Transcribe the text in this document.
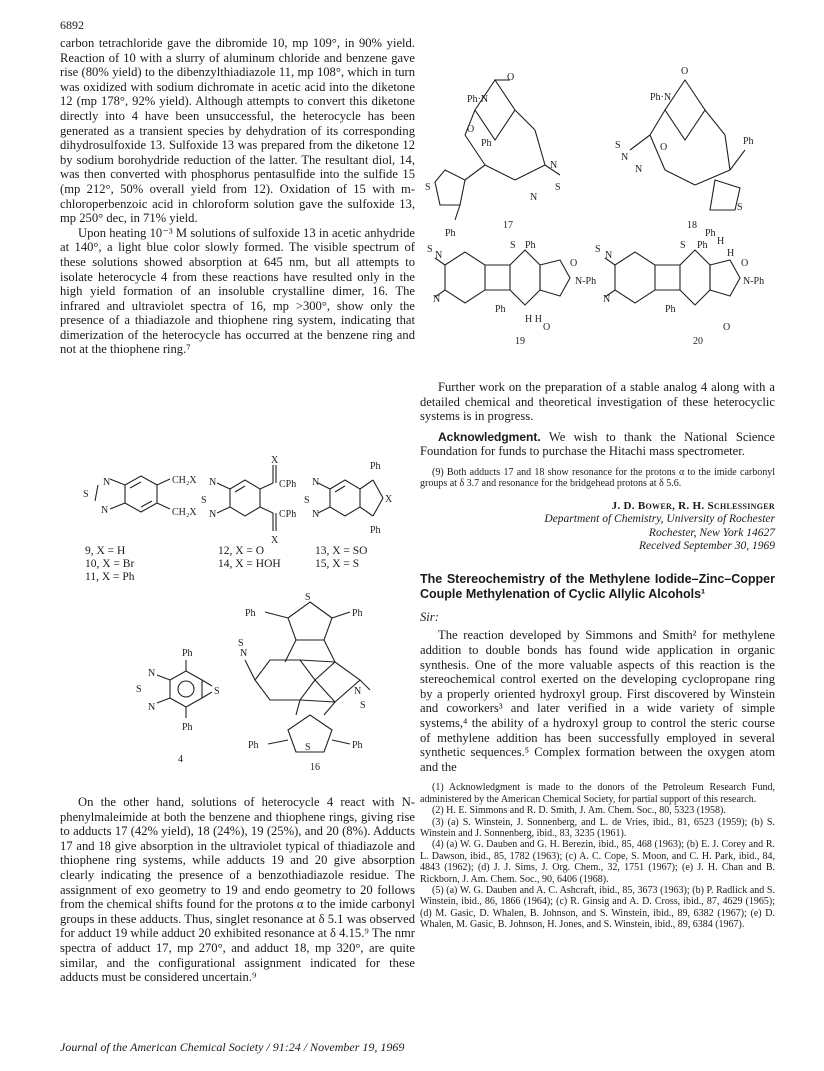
6892

carbon tetrachloride gave the dibromide 10, mp 109°, in 90% yield. Reaction of 10 with a slurry of aluminum chloride and benzene gave rise (80% yield) to the dibenzylthiadiazole 11, mp 108°, which in turn was oxidized with sodium dichromate in acetic acid into the diketone 12 (mp 178°, 92% yield). Although attempts to convert this diketone directly into 4 have been unsuccessful, the heterocycle has been generated as a transient species by dehydration of its corresponding dihydrosulfoxide 13. Sulfoxide 13 was prepared from the diketone 12 by sodium borohydride reduction of the latter. The resultant diol, 14, was then converted with phosphorus pentasulfide into the sulfide 15 (mp 212°, 50% overall yield from 12). Oxidation of 15 with m-chloroperbenzoic acid in chloroform solution gave the sulfoxide 13, mp 250° dec, in 71% yield.

Upon heating 10⁻³ M solutions of sulfoxide 13 in acetic anhydride at 140°, a light blue color slowly formed. The visible spectrum of these solutions showed absorption at 645 nm, but all attempts to isolate heterocycle 4 from these reactions have resulted only in the high yield formation of an insoluble crystalline dimer, 16. The infrared and ultraviolet spectra of 16, mp >300°, show only the presence of a thiadiazole and thiophene ring system, indicating that dimerization of the heterocycle has occurred at the benzene ring and not at the thiophene ring.⁷

N
S
N
CH₂X
CH₂X
N
S
N
X
CPh
CPh
X
N
S
N
Ph
X
Ph
9, X = H
10, X = Br
11, X = Ph
12, X = O
14, X = HOH
13, X = SO
15, X = S
Ph
N
S
N
S
Ph
4
S
Ph	Ph
S
N
N
S
S
Ph	Ph
16

On the other hand, solutions of heterocycle 4 react with N-phenylmaleimide at both the benzene and thiophene rings, giving rise to adducts 17 (42% yield), 18 (24%), 19 (25%), and 20 (8%). Adducts 17 and 18 give absorption in the ultraviolet typical of thiadiazole and thiophene ring systems, while adducts 19 and 20 give absorption clearly indicating the presence of a benzothiadiazole residue. The assignment of exo geometry to 19 and endo geometry to 20 follows from the chemical shifts found for the protons α to the imide carbonyl groups in these adducts. Thus, singlet resonance at δ 5.1 was observed for adduct 19 while adduct 20 exhibited resonance at δ 4.15.⁹ The nmr spectra of adduct 17, mp 270°, and adduct 18, mp 320°, are quite similar, and the configurational assignment indicated for these adducts must be considered uncertain.⁹

O
Ph·N
O
Ph
S
N
S
N
Ph
17
O
Ph·N
O
S
N
N
Ph
S
Ph
18
S
N
N
S Ph
O
N-Ph
Ph
H H
O
19
S
N
N
S Ph H
H
O
N-Ph
Ph
O
20

Further work on the preparation of a stable analog 4 along with a detailed chemical and theoretical investigation of these heterocyclic systems is in progress.

Acknowledgment. We wish to thank the National Science Foundation for funds to purchase the Hitachi mass spectrometer.

(9) Both adducts 17 and 18 show resonance for the protons α to the imide carbonyl groups at δ 3.7 and resonance for the bridgehead protons at δ 5.6.

J. D. Bower, R. H. Schlessinger
Department of Chemistry, University of Rochester
Rochester, New York 14627
Received September 30, 1969
The Stereochemistry of the Methylene Iodide–Zinc–Copper Couple Methylenation of Cyclic Allylic Alcohols¹
Sir:

The reaction developed by Simmons and Smith² for methylene addition to double bonds has found wide application in organic synthesis. One of the more valuable aspects of this reaction is the stereochemical control exerted on the developing cyclopropane ring by a properly oriented hydroxyl group. First discovered by Winstein and coworkers³ and later verified in a wide variety of simple systems,⁴ the ability of a hydroxyl group to control the steric course of methylene addition has been successfully employed in several synthetic sequences.⁵ Complex formation between the oxygen atom and the

(1) Acknowledgment is made to the donors of the Petroleum Research Fund, administered by the American Chemical Society, for partial support of this research.

(2) H. E. Simmons and R. D. Smith, J. Am. Chem. Soc., 80, 5323 (1958).

(3) (a) S. Winstein, J. Sonnenberg, and L. de Vries, ibid., 81, 6523 (1959); (b) S. Winstein and J. Sonnenberg, ibid., 83, 3235 (1961).

(4) (a) W. G. Dauben and G. H. Berezin, ibid., 85, 468 (1963); (b) E. J. Corey and R. L. Dawson, ibid., 85, 1782 (1963); (c) A. C. Cope, S. Moon, and C. H. Park, ibid., 84, 4843 (1962); (d) J. J. Sims, J. Org. Chem., 32, 1751 (1967); (e) J. H. Chan and B. Rickborn, J. Am. Chem. Soc., 90, 6406 (1968).

(5) (a) W. G. Dauben and A. C. Ashcraft, ibid., 85, 3673 (1963); (b) P. Radlick and S. Winstein, ibid., 86, 1866 (1964); (c) R. Ginsig and A. D. Cross, ibid., 87, 4629 (1965); (d) M. Gasic, D. Whalen, B. Johnson, and S. Winstein, ibid., 89, 6382 (1967); (e) D. Whalen, M. Gasic, B. Johnson, H. Jones, and S. Winstein, ibid., 89, 6384 (1967).

Journal of the American Chemical Society / 91:24 / November 19, 1969
